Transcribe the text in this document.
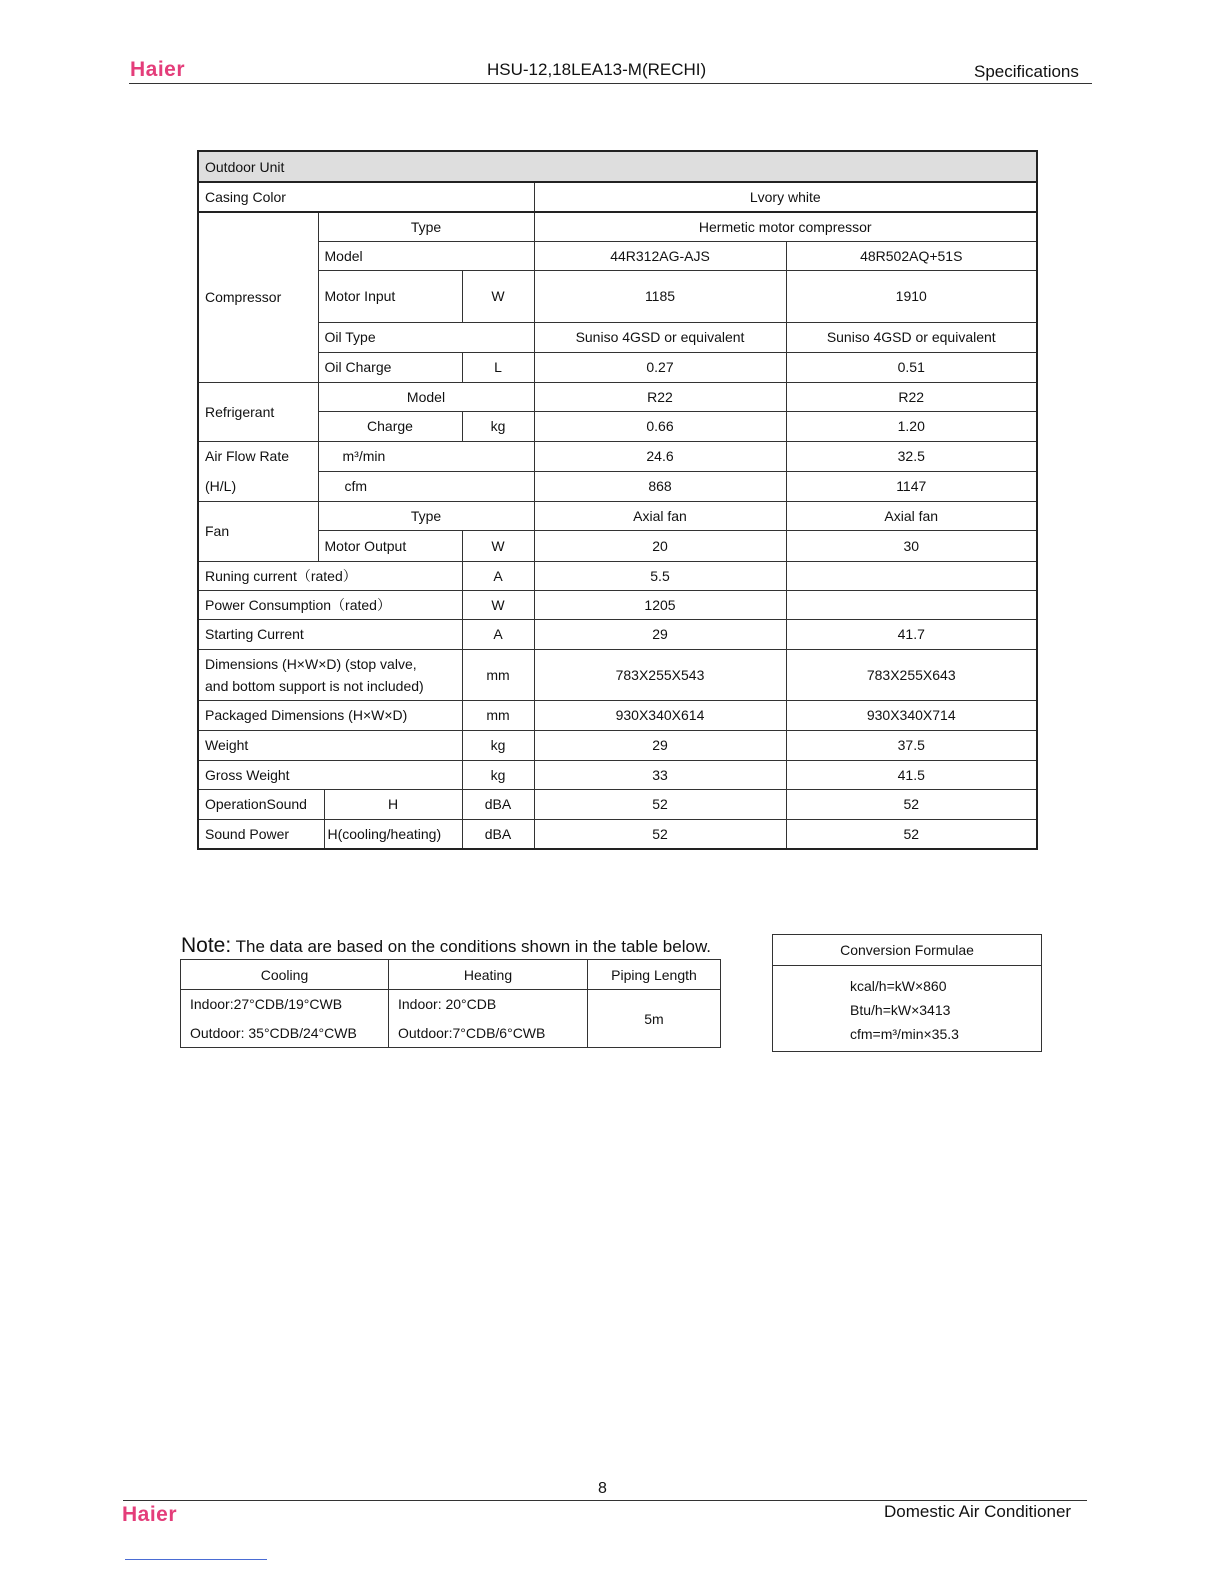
Haier	HSU-12,18LEA13-M(RECHI)	Specifications
Outdoor Unit					
Casing Color				Lvory white	
Compressor	Type			Hermetic motor compressor	
	Model			44R312AG-AJS	48R502AQ+51S
	Motor Input		W	1185	1910
	Oil Type			Suniso 4GSD or equivalent	Suniso 4GSD or equivalent
	Oil Charge		L	0.27	0.51
Refrigerant	Model			R22	R22
	Charge		kg	0.66	1.20
Air Flow Rate	m³/min			24.6	32.5
(H/L)	cfm			868	1147
Fan	Type			Axial fan	Axial fan
	Motor Output		W	20	30
Runing current（rated）			A	5.5	
Power Consumption（rated）			W	1205	
Starting Current			A	29	41.7
Dimensions (H×W×D) (stop valve,
and bottom support is not included)			mm	783X255X543	783X255X643
Packaged Dimensions (H×W×D)			mm	930X340X614	930X340X714
Weight			kg	29	37.5
Gross Weight			kg	33	41.5
OperationSound		H	dBA	52	52
Sound Power		H(cooling/heating)	dBA	52	52
Note: The data are based on the conditions shown in the table below.
Cooling	Heating	Piping Length
Indoor:27°CDB/19°CWB	Indoor: 20°CDB	5m
Outdoor: 35°CDB/24°CWB	Outdoor:7°CDB/6°CWB	
Conversion Formulae
kcal/h=kW×860
Btu/h=kW×3413
cfm=m³/min×35.3
8
Haier	Domestic Air Conditioner
